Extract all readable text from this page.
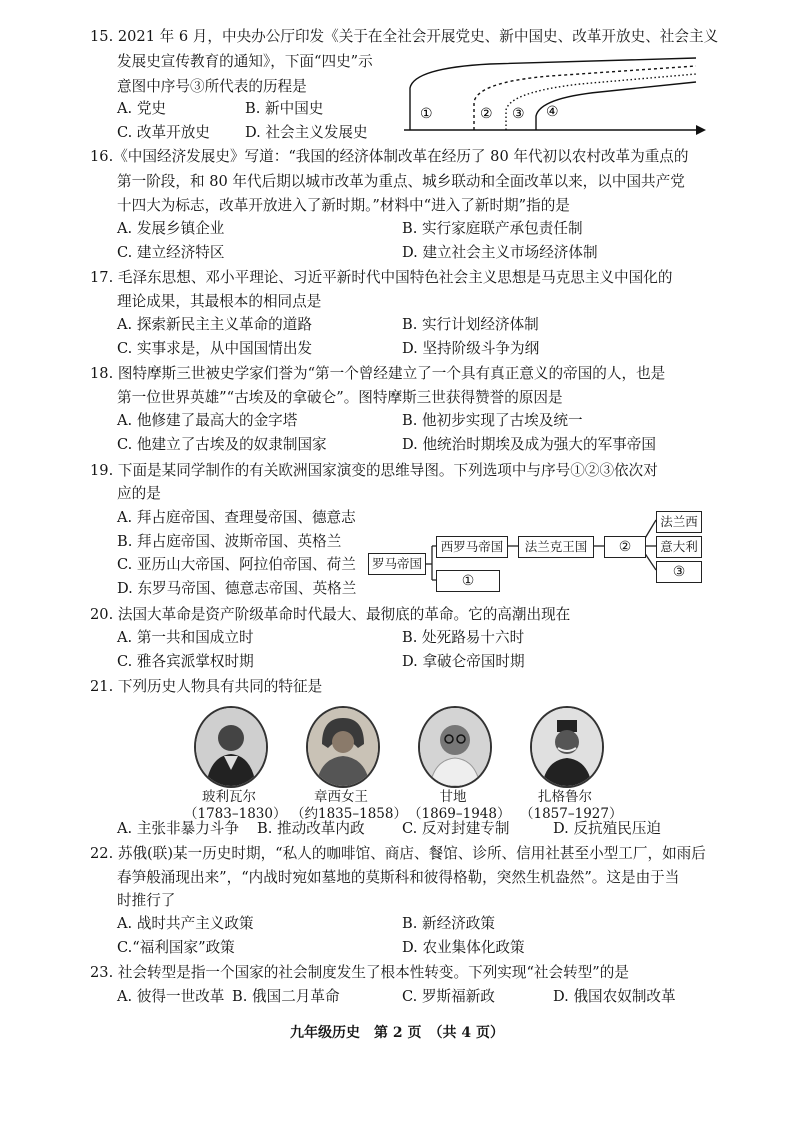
15. 2021 年 6 月，中央办公厅印发《关于在全社会开展党史、新中国史、改革开放史、社会主义
发展史宣传教育的通知》，下面“四史”示
意图中序号③所代表的历程是
A. 党史	B. 新中国史
C. 改革开放史 D. 社会主义发展史
①	② ③ ④
16.《中国经济发展史》写道：“我国的经济体制改革在经历了 80 年代初以农村改革为重点的
第一阶段，和 80 年代后期以城市改革为重点、城乡联动和全面改革以来，以中国共产党
十四大为标志，改革开放进入了新时期。”材料中“进入了新时期”指的是
A. 发展乡镇企业	B. 实行家庭联产承包责任制
C. 建立经济特区	D. 建立社会主义市场经济体制
17. 毛泽东思想、邓小平理论、习近平新时代中国特色社会主义思想是马克思主义中国化的
理论成果，其最根本的相同点是
A. 探索新民主主义革命的道路	B. 实行计划经济体制
C. 实事求是，从中国国情出发	D. 坚持阶级斗争为纲
18. 图特摩斯三世被史学家们誉为“第一个曾经建立了一个具有真正意义的帝国的人，也是
第一位世界英雄”“古埃及的拿破仑”。图特摩斯三世获得赞誉的原因是
A. 他修建了最高大的金字塔	B. 他初步实现了古埃及统一
C. 他建立了古埃及的奴隶制国家	D. 他统治时期埃及成为强大的军事帝国
19. 下面是某同学制作的有关欧洲国家演变的思维导图。下列选项中与序号①②③依次对
应的是
A. 拜占庭帝国、查理曼帝国、德意志
B. 拜占庭帝国、波斯帝国、英格兰
C. 亚历山大帝国、阿拉伯帝国、荷兰
D. 东罗马帝国、德意志帝国、英格兰
罗马帝国
西罗马帝国	法兰克王国
①
②
法兰西
意大利
③
20. 法国大革命是资产阶级革命时代最大、最彻底的革命。它的高潮出现在
A. 第一共和国成立时	B. 处死路易十六时
C. 雅各宾派掌权时期	D. 拿破仑帝国时期
21. 下列历史人物具有共同的特征是
玻利瓦尔
（1783–1830）
章西女王
（约1835–1858）
甘地
（1869–1948）
扎格鲁尔
（1857–1927）
A. 主张非暴力斗争 B. 推动改革内政	C. 反对封建专制	D. 反抗殖民压迫
22. 苏俄(联)某一历史时期，“私人的咖啡馆、商店、餐馆、诊所、信用社甚至小型工厂，如雨后
春笋般涌现出来”，“内战时宛如墓地的莫斯科和彼得格勒，突然生机盎然”。这是由于当
时推行了
A. 战时共产主义政策	B. 新经济政策
C.“福利国家”政策	D. 农业集体化政策
23. 社会转型是指一个国家的社会制度发生了根本性转变。下列实现“社会转型”的是
A. 彼得一世改革 B. 俄国二月革命	C. 罗斯福新政	D. 俄国农奴制改革
九年级历史　第 2 页　（共 4 页）
